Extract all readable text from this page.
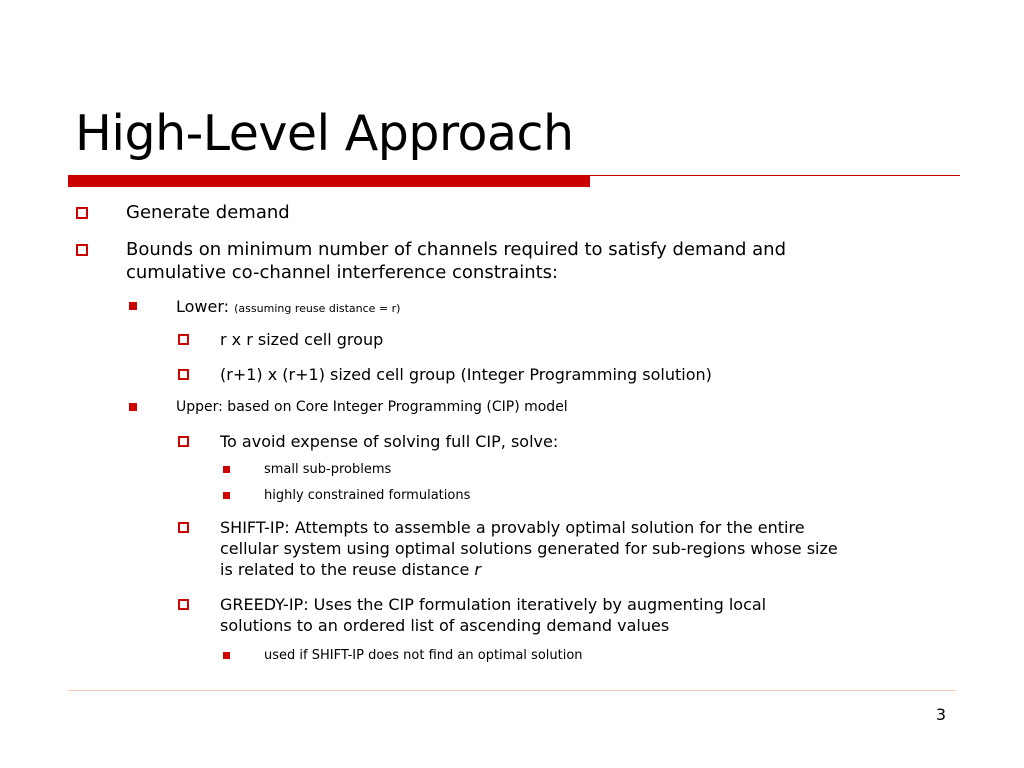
High-Level Approach
Generate demand
Bounds on minimum number of channels required to satisfy demand and
cumulative co-channel interference constraints:
Lower: (assuming reuse distance = r)
r x r sized cell group
(r+1) x (r+1) sized cell group (Integer Programming solution)
Upper: based on Core Integer Programming (CIP) model
To avoid expense of solving full CIP, solve:
small sub-problems
highly constrained formulations
SHIFT-IP: Attempts to assemble a provably optimal solution for the entire
cellular system using optimal solutions generated for sub-regions whose size
is related to the reuse distance r
GREEDY-IP: Uses the CIP formulation iteratively by augmenting local
solutions to an ordered list of ascending demand values
used if SHIFT-IP does not find an optimal solution
3
